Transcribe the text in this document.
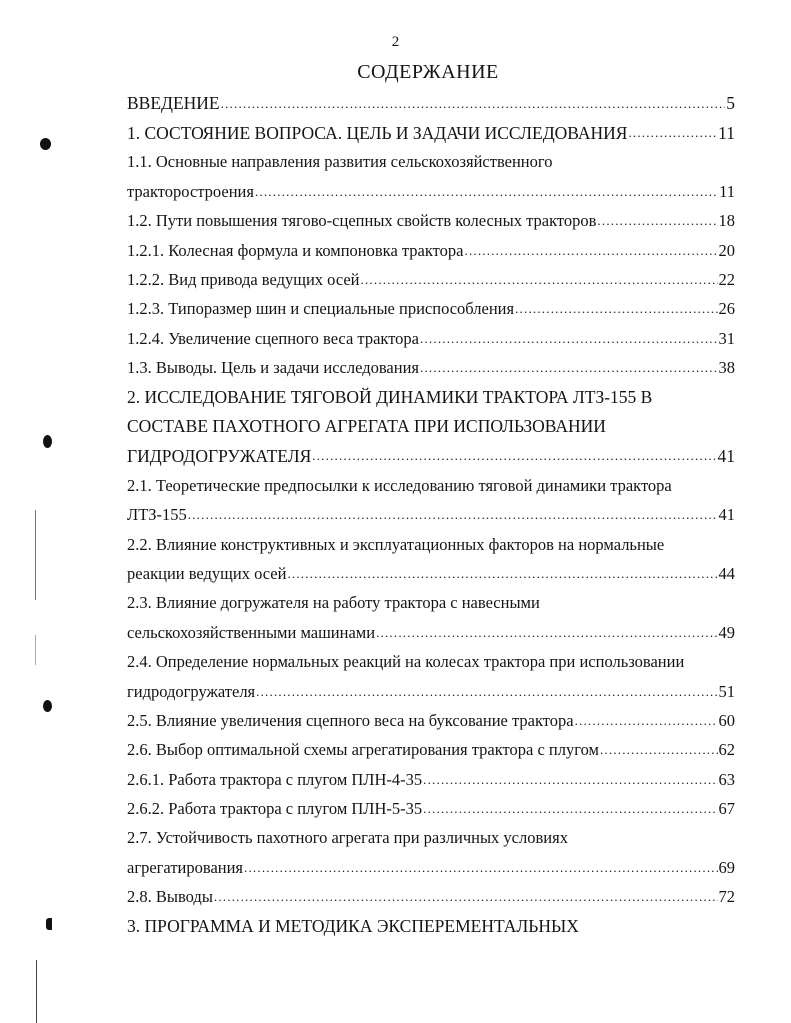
2
СОДЕРЖАНИЕ
ВВЕДЕНИЕ .....	5
1. СОСТОЯНИЕ ВОПРОСА. ЦЕЛЬ И ЗАДАЧИ ИССЛЕДОВАНИЯ .....	11
1.1. Основные направления развития сельскохозяйственного
тракторостроения .....	11
1.2. Пути повышения тягово-сцепных свойств колесных тракторов .....	18
1.2.1. Колесная формула и компоновка трактора .....	20
1.2.2. Вид привода ведущих осей .....	22
1.2.3. Типоразмер шин и специальные приспособления .....	26
1.2.4. Увеличение сцепного веса трактора .....	31
1.3. Выводы. Цель и задачи исследования .....	38
2. ИССЛЕДОВАНИЕ ТЯГОВОЙ ДИНАМИКИ ТРАКТОРА ЛТЗ-155 В
СОСТАВЕ ПАХОТНОГО АГРЕГАТА ПРИ ИСПОЛЬЗОВАНИИ
ГИДРОДОГРУЖАТЕЛЯ .....	41
2.1. Теоретические предпосылки к исследованию тяговой динамики трактора
ЛТЗ-155 .....	41
2.2. Влияние конструктивных и эксплуатационных факторов на нормальные
реакции ведущих осей .....	44
2.3. Влияние догружателя на работу трактора с навесными
сельскохозяйственными машинами .....	49
2.4. Определение нормальных реакций на колесах трактора при использовании
гидродогружателя .....	51
2.5. Влияние увеличения сцепного веса на буксование трактора .....	60
2.6. Выбор оптимальной схемы агрегатирования трактора с плугом .....	62
2.6.1. Работа трактора с плугом ПЛН-4-35 .....	63
2.6.2. Работа трактора с плугом ПЛН-5-35 .....	67
2.7. Устойчивость пахотного агрегата при различных условиях
агрегатирования .....	69
2.8. Выводы .....	72
3. ПРОГРАММА И МЕТОДИКА ЭКСПЕРЕМЕНТАЛЬНЫХ
